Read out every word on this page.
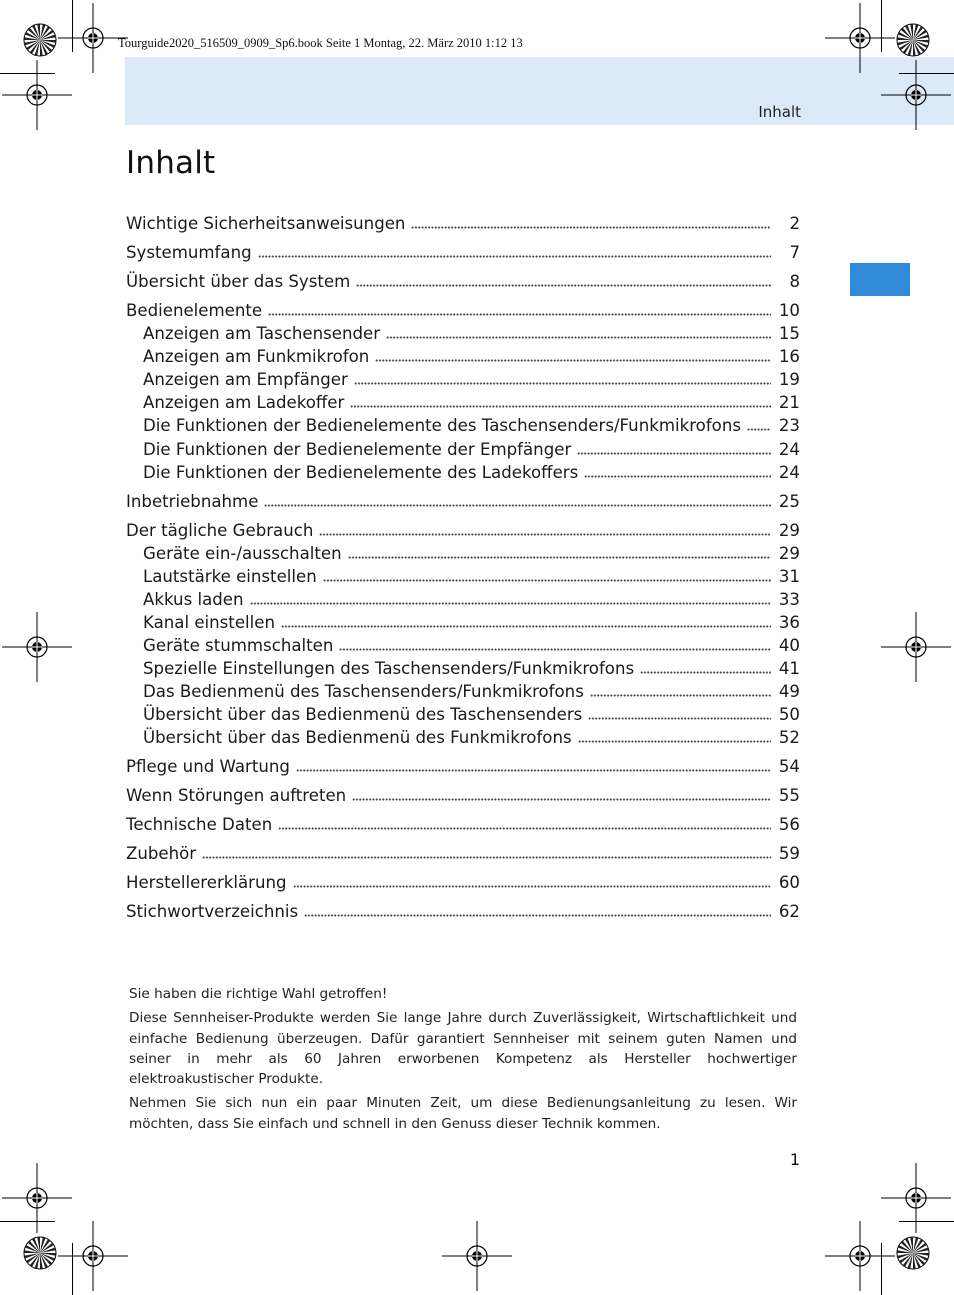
Tourguide2020_516509_0909_Sp6.book Seite 1 Montag, 22. März 2010 1:12 13
Inhalt
Inhalt
Wichtige Sicherheitsanweisungen	2
Systemumfang	7
Übersicht über das System	8
Bedienelemente	10
Anzeigen am Taschensender	15
Anzeigen am Funkmikrofon	16
Anzeigen am Empfänger	19
Anzeigen am Ladekoffer	21
Die Funktionen der Bedienelemente des Taschensenders/Funkmikrofons 23
Die Funktionen der Bedienelemente der Empfänger	24
Die Funktionen der Bedienelemente des Ladekoffers	24
Inbetriebnahme	25
Der tägliche Gebrauch	29
Geräte ein-/ausschalten	29
Lautstärke einstellen	31
Akkus laden	33
Kanal einstellen	36
Geräte stummschalten	40
Spezielle Einstellungen des Taschensenders/Funkmikrofons	41
Das Bedienmenü des Taschensenders/Funkmikrofons	49
Übersicht über das Bedienmenü des Taschensenders	50
Übersicht über das Bedienmenü des Funkmikrofons	52
Pflege und Wartung	54
Wenn Störungen auftreten	55
Technische Daten	56
Zubehör	59
Herstellererklärung	60
Stichwortverzeichnis	62

Sie haben die richtige Wahl getroffen!

Diese Sennheiser-Produkte werden Sie lange Jahre durch Zuverlässigkeit, Wirtschaftlichkeit und einfache Bedienung überzeugen. Dafür garantiert Sennheiser mit seinem guten Namen und seiner in mehr als 60 Jahren erworbenen Kompetenz als Hersteller hochwertiger elektroakustischer Produkte.

Nehmen Sie sich nun ein paar Minuten Zeit, um diese Bedienungsanleitung zu lesen. Wir möchten, dass Sie einfach und schnell in den Genuss dieser Technik kommen.

1
